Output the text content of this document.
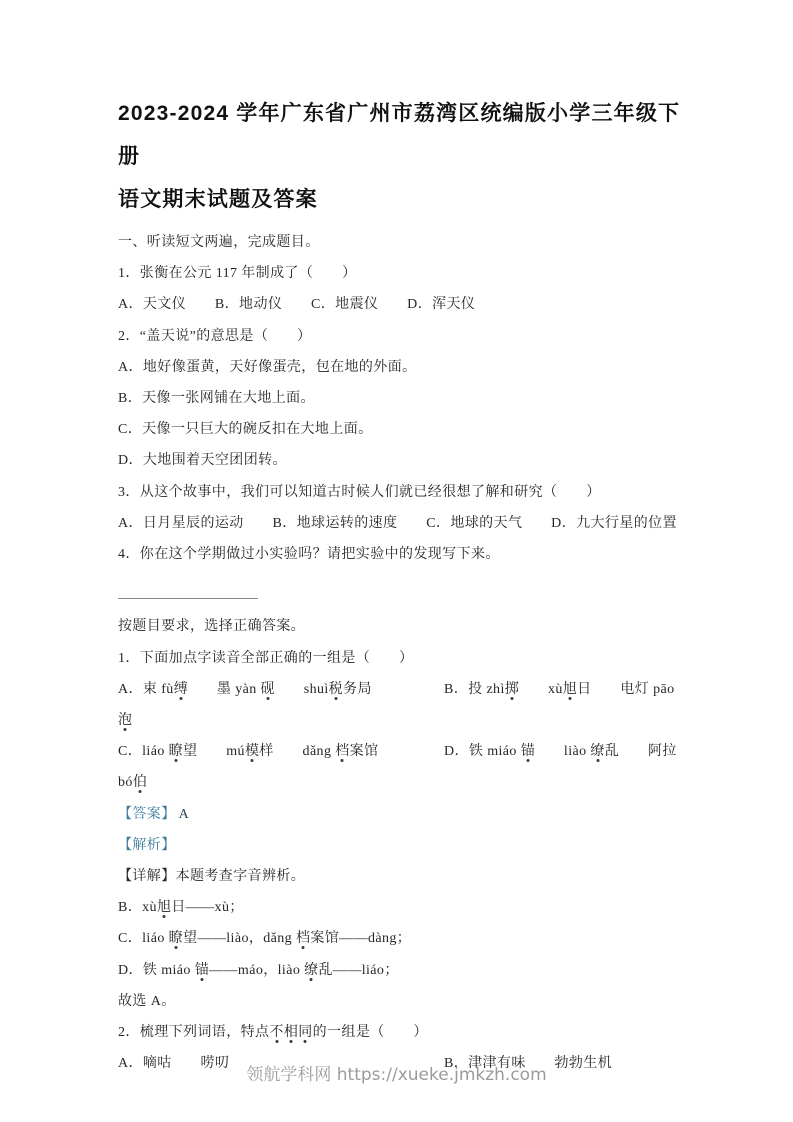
2023-2024 学年广东省广州市荔湾区统编版小学三年级下册
语文期末试题及答案
一、听读短文两遍，完成题目。
1．张衡在公元 117 年制成了（　　）
A．天文仪　　B．地动仪　　C．地震仪　　D．浑天仪
2．“盖天说”的意思是（　　）
A．地好像蛋黄，天好像蛋壳，包在地的外面。
B．天像一张网铺在大地上面。
C．天像一只巨大的碗反扣在大地上面。
D．大地围着天空团团转。
3．从这个故事中，我们可以知道古时候人们就已经很想了解和研究（　　）
A．日月星辰的运动　　B．地球运转的速度　　C．地球的天气　　D．九大行星的位置
4．你在这个学期做过小实验吗？请把实验中的发现写下来。
按题目要求，选择正确答案。
1．下面加点字读音全部正确的一组是（　　）
A．束 fù缚　　墨 yàn 砚　　shuì税务局	B．投 zhì掷　　xù旭日　　电灯 pāo
泡
C．liáo 瞭望　　mú模样　　dǎng 档案馆	D．铁 miáo 锚　　liào 缭乱　　阿拉
bó伯
【答案】 A
【解析】
【详解】本题考查字音辨析。
B．xù旭日——xù；
C．liáo 瞭望——liào，dǎng 档案馆——dàng；
D．铁 miáo 锚——máo，liào 缭乱——liáo；
故选 A。
2．梳理下列词语，特点不相同的一组是（　　）
A．嘀咕　　唠叨	B．津津有味　　勃勃生机
领航学科网 https://xueke.jmkzh.com
